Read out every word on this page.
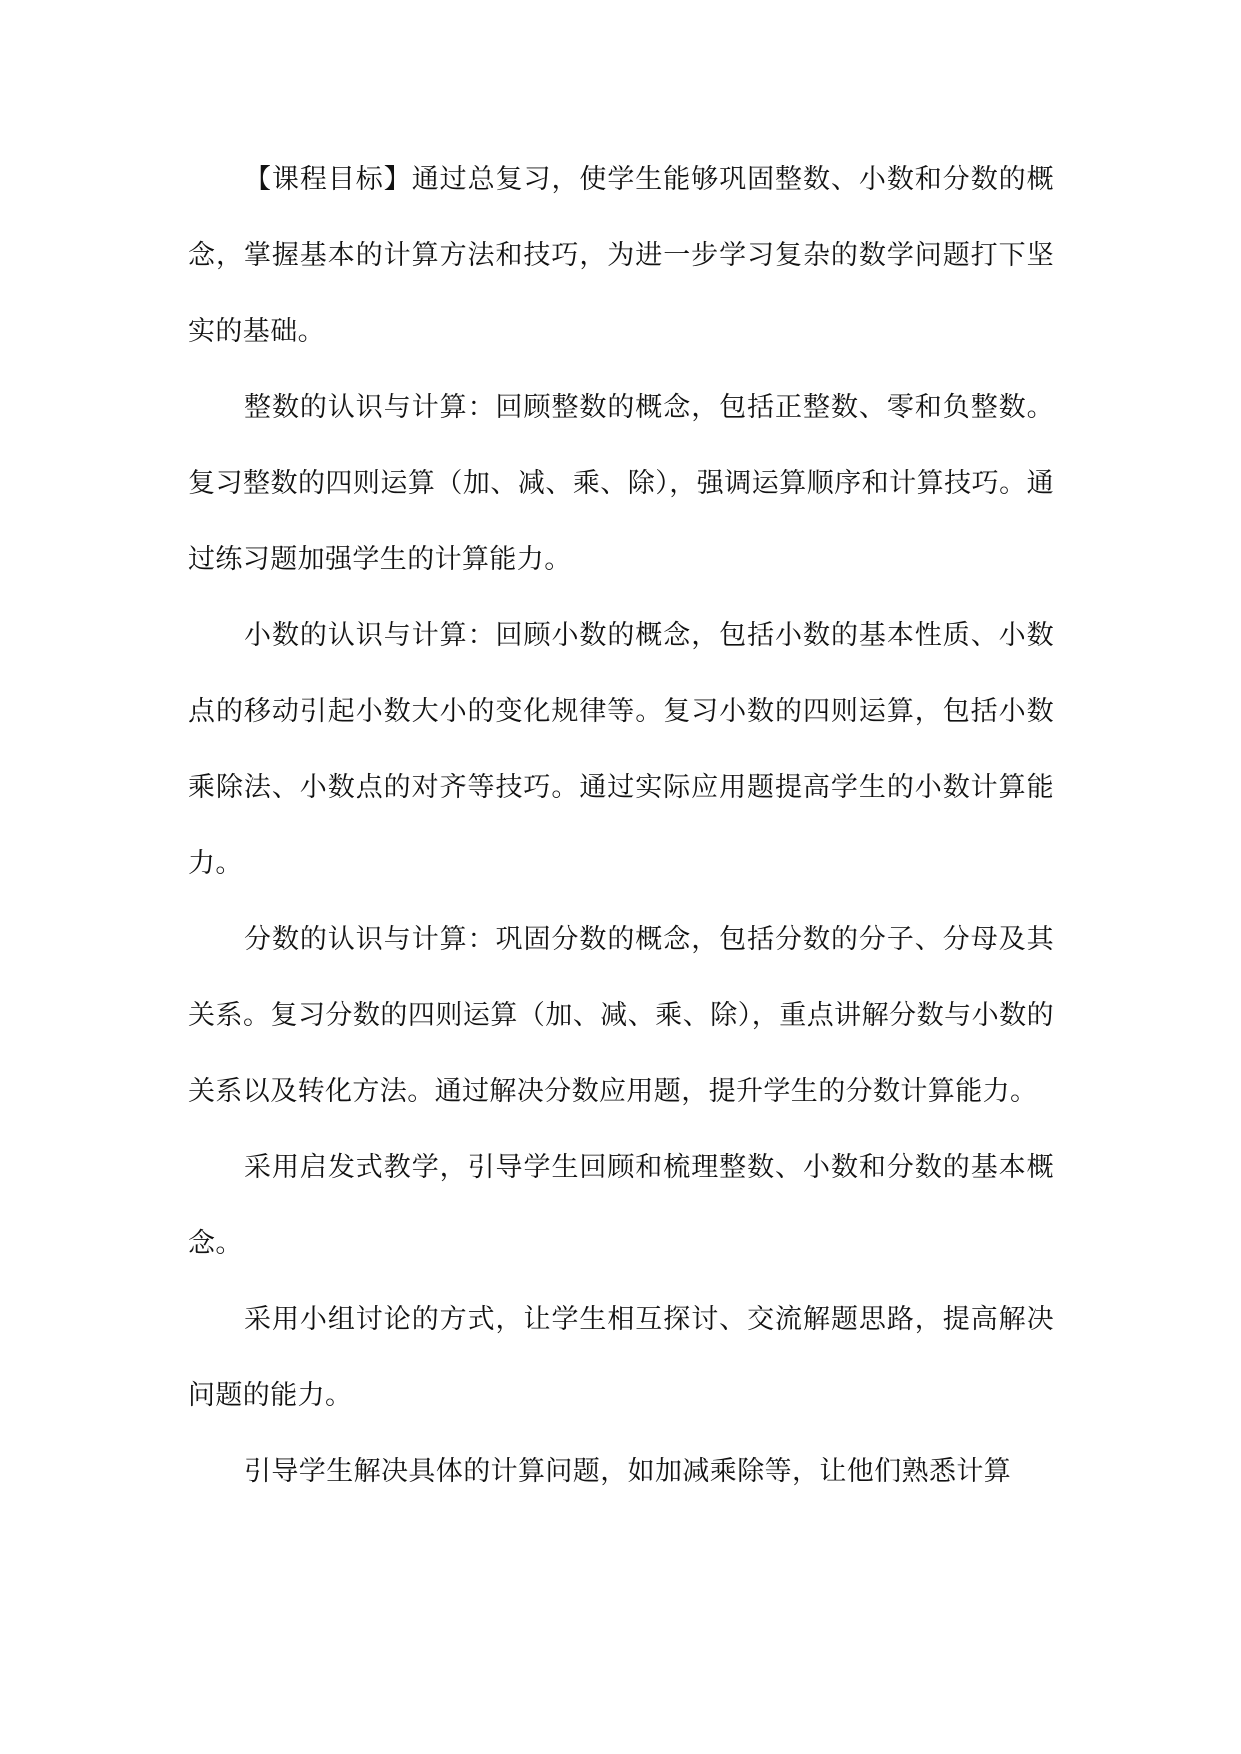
【课程目标】通过总复习，使学生能够巩固整数、小数和分数的概念，掌握基本的计算方法和技巧，为进一步学习复杂的数学问题打下坚实的基础。

整数的认识与计算：回顾整数的概念，包括正整数、零和负整数。复习整数的四则运算（加、减、乘、除），强调运算顺序和计算技巧。通过练习题加强学生的计算能力。

小数的认识与计算：回顾小数的概念，包括小数的基本性质、小数点的移动引起小数大小的变化规律等。复习小数的四则运算，包括小数乘除法、小数点的对齐等技巧。通过实际应用题提高学生的小数计算能力。

分数的认识与计算：巩固分数的概念，包括分数的分子、分母及其关系。复习分数的四则运算（加、减、乘、除），重点讲解分数与小数的关系以及转化方法。通过解决分数应用题，提升学生的分数计算能力。

采用启发式教学，引导学生回顾和梳理整数、小数和分数的基本概念。

采用小组讨论的方式，让学生相互探讨、交流解题思路，提高解决问题的能力。

引导学生解决具体的计算问题，如加减乘除等，让他们熟悉计算
